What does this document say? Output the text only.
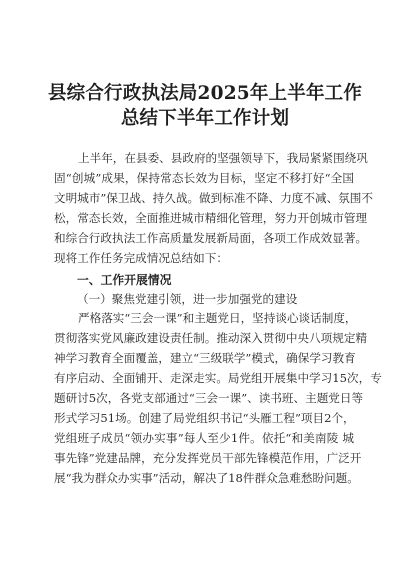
县综合行政执法局2025年上半年工作
总结下半年工作计划
上半年，在县委、县政府的坚强领导下，我局紧紧围绕巩
固“创城”成果，保持常态长效为目标，坚定不移打好“全国
文明城市”保卫战、持久战。做到标准不降、力度不减、氛围不
松，常态长效，全面推进城市精细化管理，努力开创城市管理
和综合行政执法工作高质量发展新局面，各项工作成效显著。
现将工作任务完成情况总结如下：
一、工作开展情况
（一）聚焦党建引领，进一步加强党的建设
严格落实“三会一课”和主题党日，坚持谈心谈话制度，
贯彻落实党风廉政建设责任制。推动深入贯彻中央八项规定精
神学习教育全面覆盖，建立“三级联学”模式，确保学习教育
有序启动、全面铺开、走深走实。局党组开展集中学习15次，专
题研讨5次，各党支部通过“三会一课”、读书班、主题党日等
形式学习51场。创建了局党组织书记“头雁工程”项目2个，
党组班子成员“领办实事”每人至少1件。依托“和美南陵 城
事先锋”党建品牌，充分发挥党员干部先锋模范作用，广泛开
展“我为群众办实事”活动，解决了18件群众急难愁盼问题。
